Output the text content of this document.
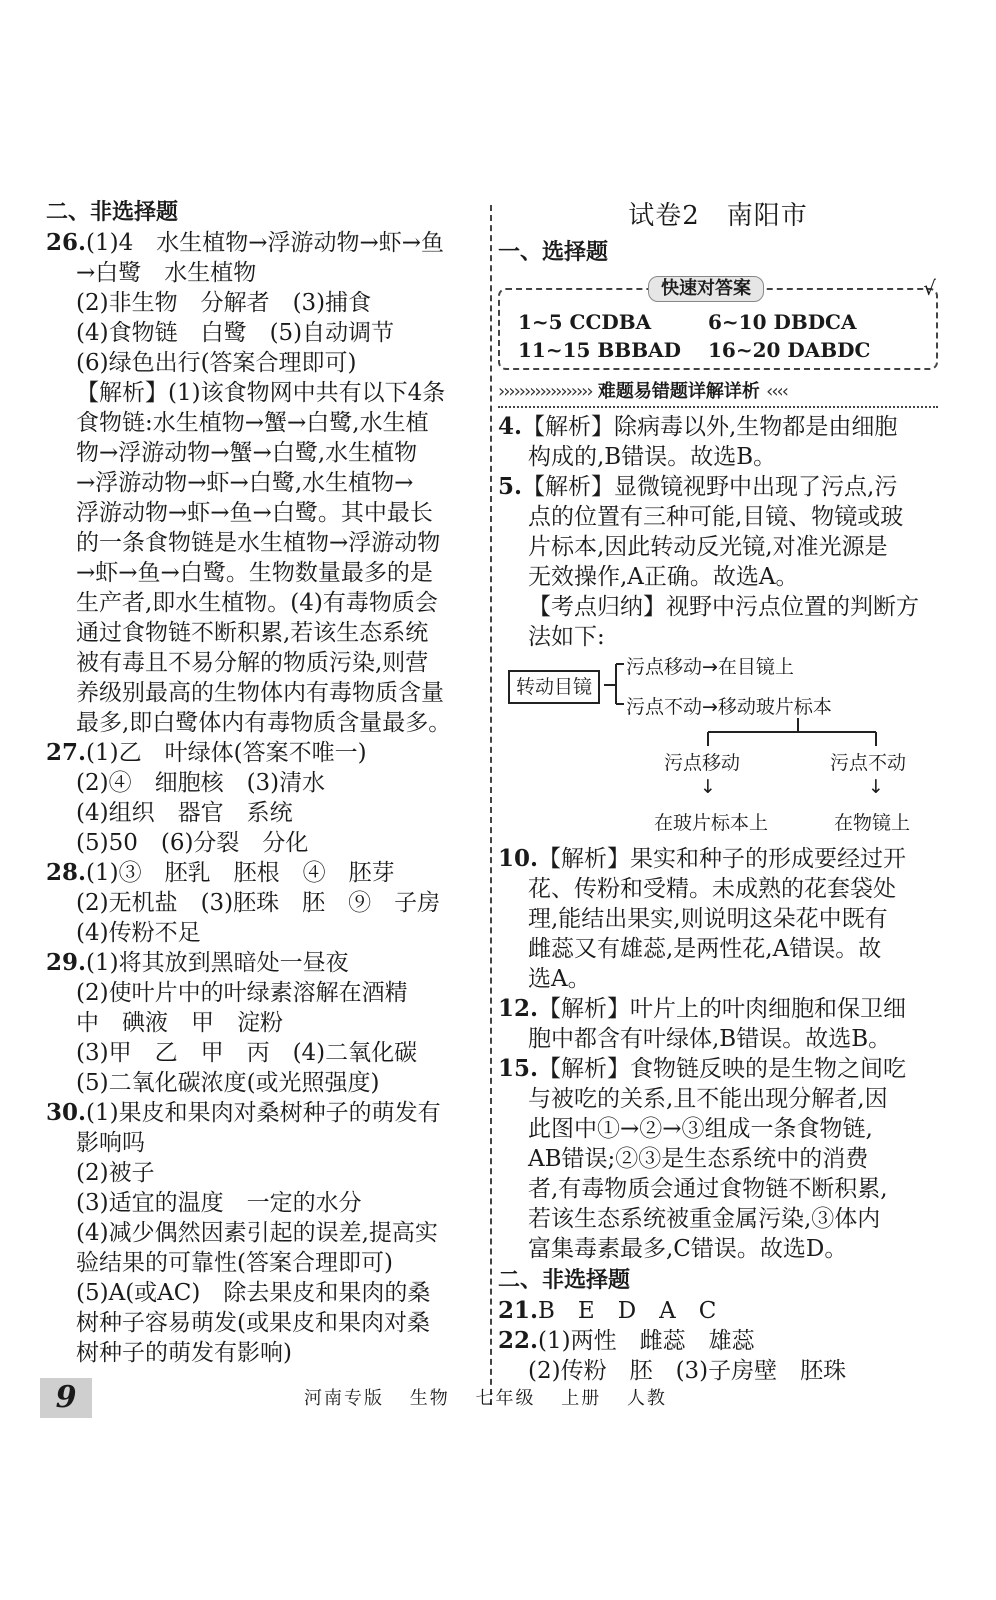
二、非选择题
26.(1)4　水生植物→浮游动物→虾→鱼
→白鹭　水生植物
(2)非生物　分解者　(3)捕食
(4)食物链　白鹭　(5)自动调节
(6)绿色出行(答案合理即可)
【解析】(1)该食物网中共有以下4条
食物链:水生植物→蟹→白鹭,水生植
物→浮游动物→蟹→白鹭,水生植物
→浮游动物→虾→白鹭,水生植物→
浮游动物→虾→鱼→白鹭。其中最长
的一条食物链是水生植物→浮游动物
→虾→鱼→白鹭。生物数量最多的是
生产者,即水生植物。(4)有毒物质会
通过食物链不断积累,若该生态系统
被有毒且不易分解的物质污染,则营
养级别最高的生物体内有毒物质含量
最多,即白鹭体内有毒物质含量最多。
27.(1)乙　叶绿体(答案不唯一)
(2)④　细胞核　(3)清水
(4)组织　器官　系统
(5)50　(6)分裂　分化
28.(1)③　胚乳　胚根　④　胚芽
(2)无机盐　(3)胚珠　胚　⑨　子房
(4)传粉不足
29.(1)将其放到黑暗处一昼夜
(2)使叶片中的叶绿素溶解在酒精
中　碘液　甲　淀粉
(3)甲　乙　甲　丙　(4)二氧化碳
(5)二氧化碳浓度(或光照强度)
30.(1)果皮和果肉对桑树种子的萌发有
影响吗
(2)被子
(3)适宜的温度　一定的水分
(4)减少偶然因素引起的误差,提高实
验结果的可靠性(答案合理即可)
(5)A(或AC)　除去果皮和果肉的桑
树种子容易萌发(或果皮和果肉对桑
树种子的萌发有影响)
试卷2　南阳市
一、选择题
快速对答案	√
1~5 CCDBA	6~10 DBDCA
11~15 BBBAD 16~20 DABDC
›››››››››››››››››› 难题易错题详解详析 ‹‹‹‹
4.【解析】除病毒以外,生物都是由细胞
构成的,B错误。故选B。
5.【解析】显微镜视野中出现了污点,污
点的位置有三种可能,目镜、物镜或玻
片标本,因此转动反光镜,对准光源是
无效操作,A正确。故选A。
【考点归纳】视野中污点位置的判断方
法如下:
转动目镜
污点移动→在目镜上
污点不动→移动玻片标本
污点移动	污点不动
↓	↓
在玻片标本上	在物镜上
10.【解析】果实和种子的形成要经过开
花、传粉和受精。未成熟的花套袋处
理,能结出果实,则说明这朵花中既有
雌蕊又有雄蕊,是两性花,A错误。故
选A。
12.【解析】叶片上的叶肉细胞和保卫细
胞中都含有叶绿体,B错误。故选B。
15.【解析】食物链反映的是生物之间吃
与被吃的关系,且不能出现分解者,因
此图中①→②→③组成一条食物链,
AB错误;②③是生态系统中的消费
者,有毒物质会通过食物链不断积累,
若该生态系统被重金属污染,③体内
富集毒素最多,C错误。故选D。
二、非选择题
21.B　E　D　A　C
22.(1)两性　雌蕊　雄蕊
(2)传粉　胚　(3)子房壁　胚珠
9	河南专版 生物 七年级 上册 人教
